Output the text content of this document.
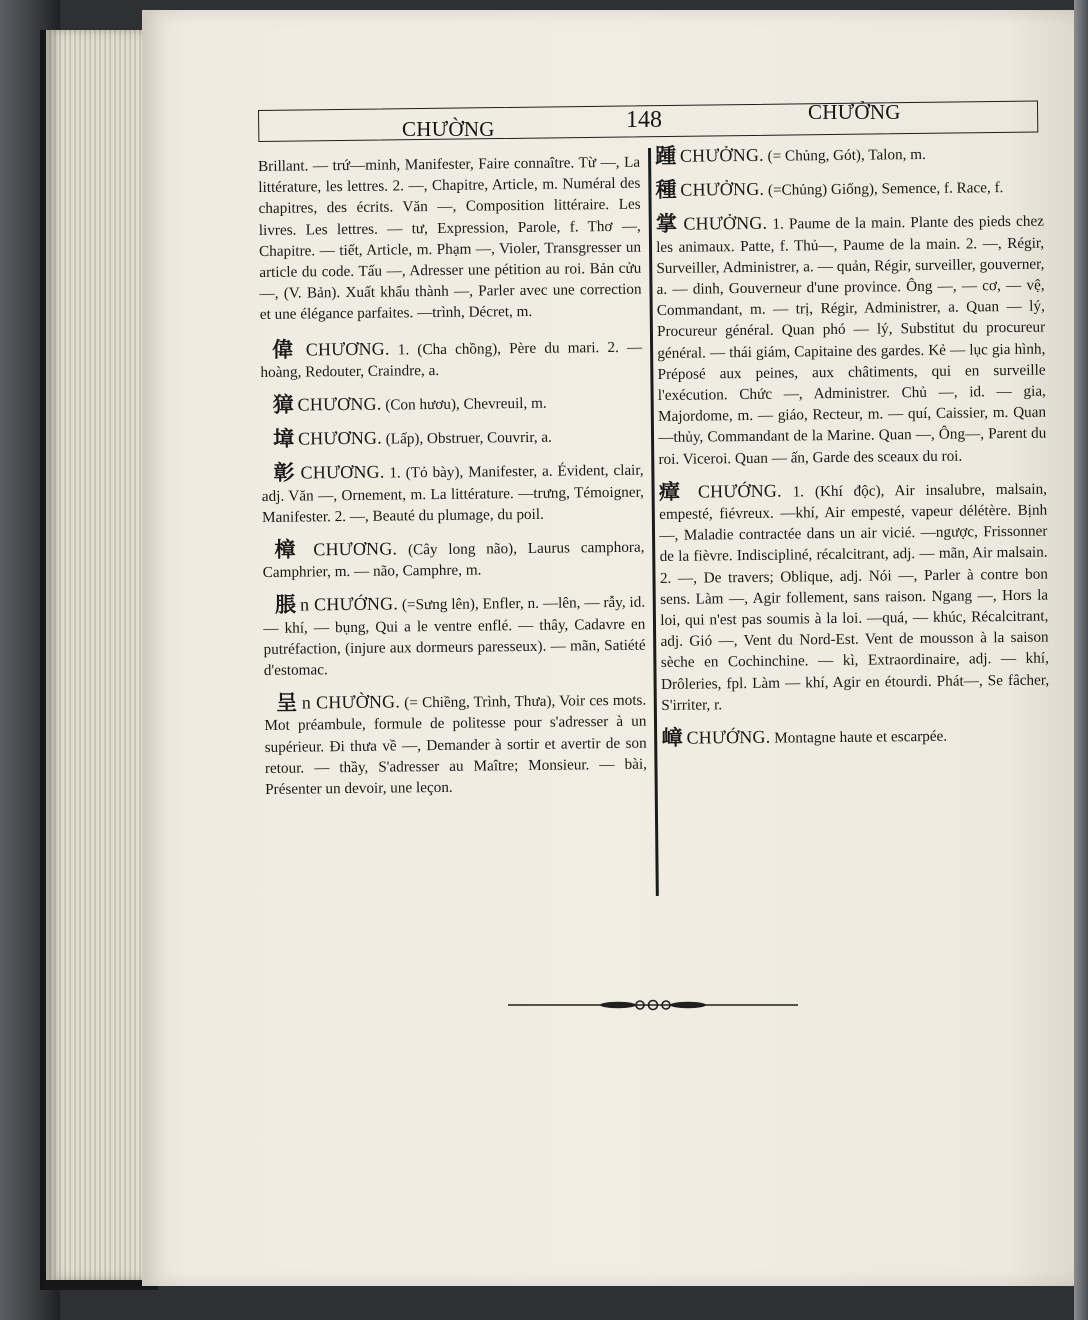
CHƯỜNG	148	CHƯỞNG

Brillant. — trứ—minh, Manifester, Faire connaître. Từ —, La littérature, les lettres. 2. —, Chapitre, Article, m. Numéral des chapitres, des écrits. Văn —, Composition littéraire. Les livres. Les lettres. — tư, Expression, Parole, f. Thơ —, Chapitre. — tiết, Article, m. Phạm —, Violer, Transgresser un article du code. Tấu —, Adresser une pétition au roi. Bản cửu —, (V. Bản). Xuất khẩu thành —, Parler avec une correction et une élégance parfaites. —trình, Décret, m.

偉 CHƯƠNG. 1. (Cha chồng), Père du mari. 2. — hoàng, Redouter, Craindre, a.

獐 CHƯƠNG. (Con hươu), Chevreuil, m.

墇 CHƯƠNG. (Lấp), Obstruer, Couvrir, a.

彰 CHƯƠNG. 1. (Tỏ bày), Manifester, a. Évident, clair, adj. Văn —, Ornement, m. La littérature. —trưng, Témoigner, Manifester. 2. —, Beauté du plumage, du poil.

樟 CHƯƠNG. (Cây long não), Laurus camphora, Camphrier, m. — não, Camphre, m.

脹 n CHƯỚNG. (=Sưng lên), Enfler, n. —lên, — rẫy, id. — khí, — bụng, Qui a le ventre enflé. — thây, Cadavre en putréfaction, (injure aux dormeurs paresseux). — mãn, Satiété d'estomac.

呈 n CHƯỜNG. (= Chiềng, Trình, Thưa), Voir ces mots. Mot préambule, formule de politesse pour s'adresser à un supérieur. Đi thưa về —, Demander à sortir et avertir de son retour. — thầy, S'adresser au Maître; Monsieur. — bài, Présenter un devoir, une leçon.

踵 CHƯỞNG. (= Chủng, Gót), Talon, m.

種 CHƯỞNG. (=Chủng) Giống), Semence, f. Race, f.

掌 CHƯỞNG. 1. Paume de la main. Plante des pieds chez les animaux. Patte, f. Thủ—, Paume de la main. 2. —, Régir, Surveiller, Administrer, a. — quản, Régir, surveiller, gouverner, a. — dinh, Gouverneur d'une province. Ông —, — cơ, — vệ, Commandant, m. — trị, Régir, Administrer, a. Quan — lý, Procureur général. Quan phó — lý, Substitut du procureur général. — thái giám, Capitaine des gardes. Kẻ — lục gia hình, Préposé aux peines, aux châtiments, qui en surveille l'exécution. Chức —, Administrer. Chủ —, id. — gia, Majordome, m. — giáo, Recteur, m. — quí, Caissier, m. Quan —thủy, Commandant de la Marine. Quan —, Ông—, Parent du roi. Viceroi. Quan — ấn, Garde des sceaux du roi.

瘴 CHƯỚNG. 1. (Khí độc), Air insalubre, malsain, empesté, fiévreux. —khí, Air empesté, vapeur délétère. Bịnh —, Maladie contractée dans un air vicié. —ngược, Frissonner de la fièvre. Indiscipliné, récalcitrant, adj. — mãn, Air malsain. 2. —, De travers; Oblique, adj. Nói —, Parler à contre bon sens. Làm —, Agir follement, sans raison. Ngang —, Hors la loi, qui n'est pas soumis à la loi. —quá, — khúc, Récalcitrant, adj. Gió —, Vent du Nord-Est. Vent de mousson à la saison sèche en Cochinchine. — kì, Extraordinaire, adj. — khí, Drôleries, fpl. Làm — khí, Agir en étourdi. Phát—, Se fâcher, S'irriter, r.

嶂 CHƯỚNG. Montagne haute et escarpée.
